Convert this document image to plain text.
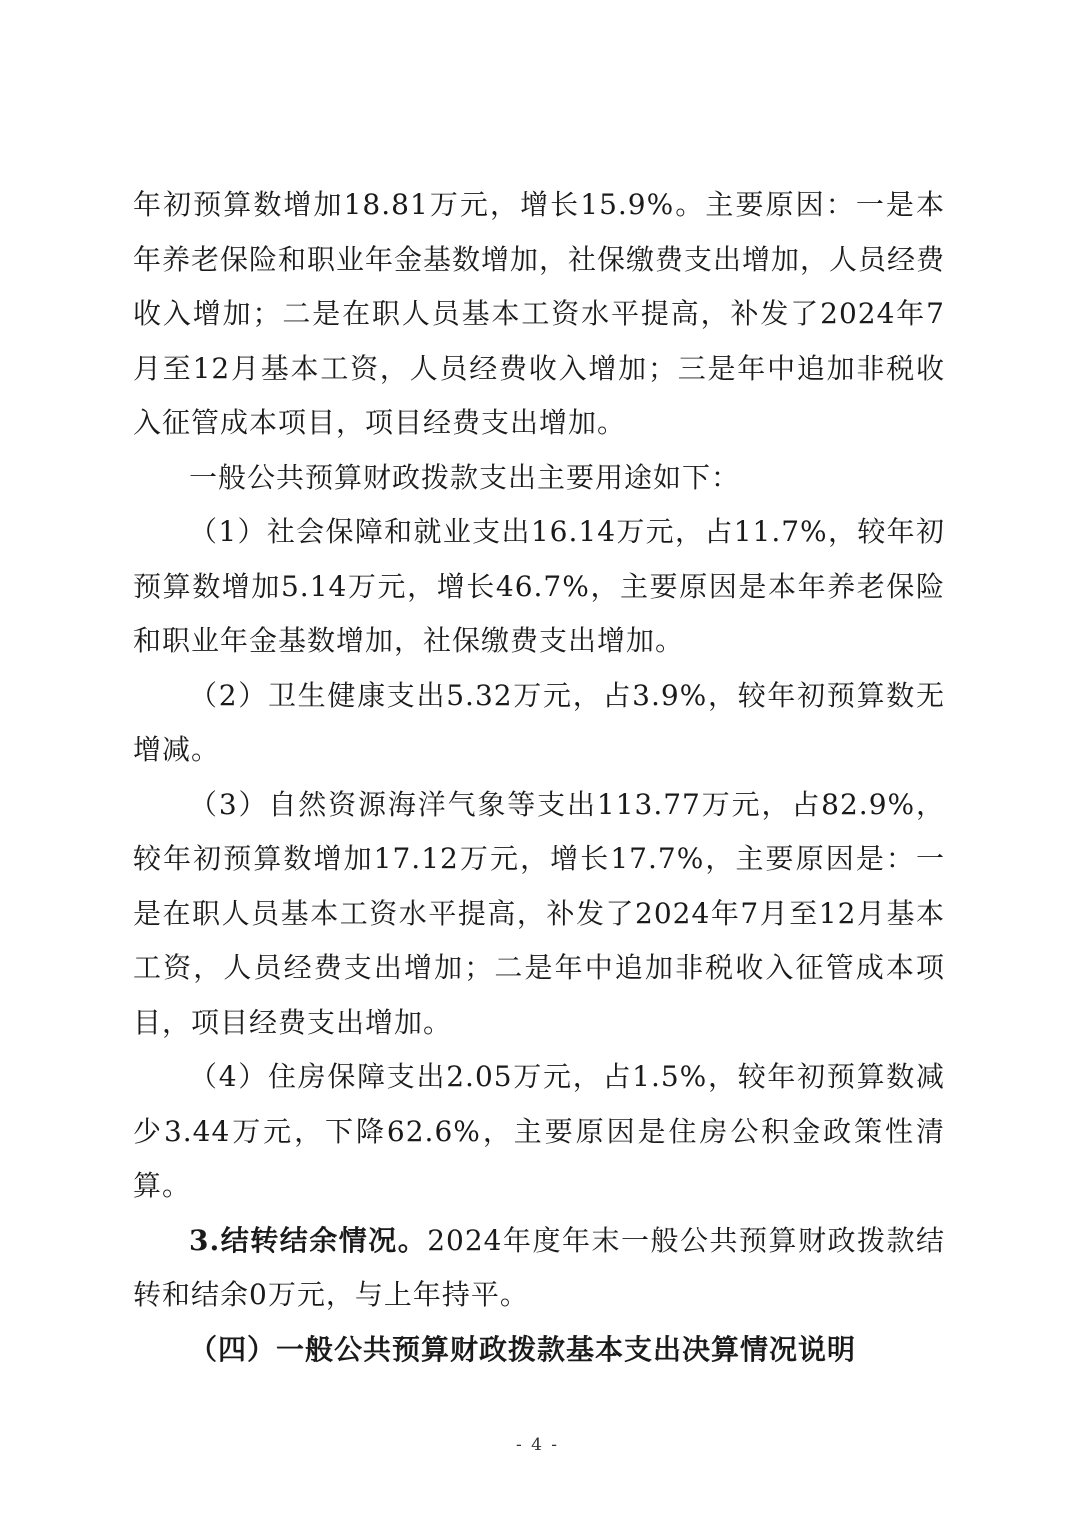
年初预算数增加18.81万元，增长15.9%。主要原因：一是本年养老保险和职业年金基数增加，社保缴费支出增加，人员经费收入增加；二是在职人员基本工资水平提高，补发了2024年7月至12月基本工资，人员经费收入增加；三是年中追加非税收入征管成本项目，项目经费支出增加。

一般公共预算财政拨款支出主要用途如下：

（1）社会保障和就业支出16.14万元，占11.7%，较年初预算数增加5.14万元，增长46.7%，主要原因是本年养老保险和职业年金基数增加，社保缴费支出增加。

（2）卫生健康支出5.32万元，占3.9%，较年初预算数无增减。

（3）自然资源海洋气象等支出113.77万元，占82.9%，较年初预算数增加17.12万元，增长17.7%，主要原因是：一是在职人员基本工资水平提高，补发了2024年7月至12月基本工资，人员经费支出增加；二是年中追加非税收入征管成本项目，项目经费支出增加。

（4）住房保障支出2.05万元，占1.5%，较年初预算数减少3.44万元，下降62.6%，主要原因是住房公积金政策性清算。

3.结转结余情况。2024年度年末一般公共预算财政拨款结转和结余0万元，与上年持平。

（四）一般公共预算财政拨款基本支出决算情况说明

- 4 -
